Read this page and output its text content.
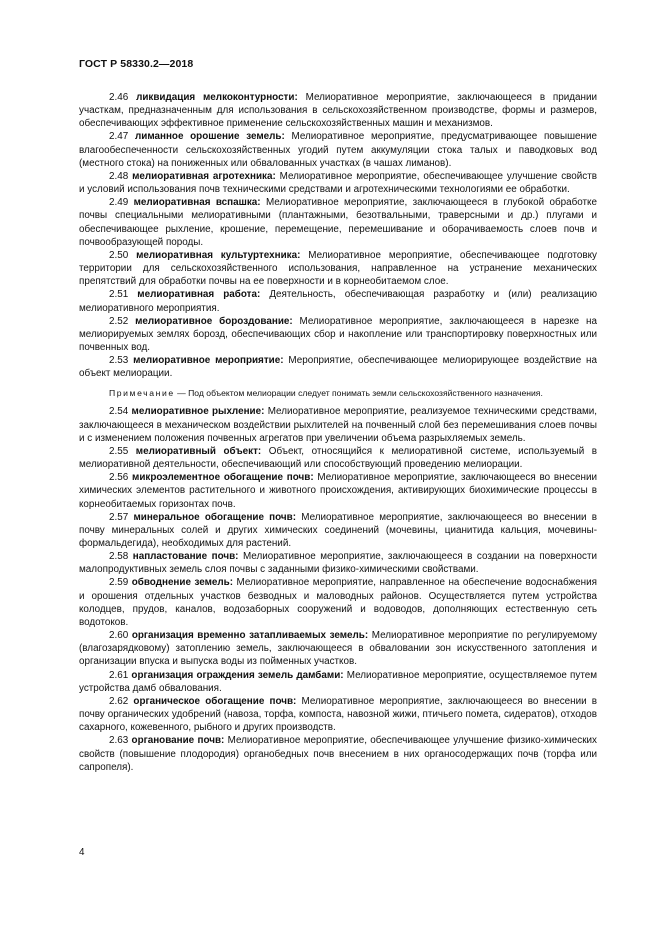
ГОСТ Р 58330.2—2018

2.46 ликвидация мелкоконтурности: Мелиоративное мероприятие, заключающееся в придании участкам, предназначенным для использования в сельскохозяйственном производстве, формы и размеров, обеспечивающих эффективное применение сельскохозяйственных машин и механизмов.

2.47 лиманное орошение земель: Мелиоративное мероприятие, предусматривающее повышение влагообеспеченности сельскохозяйственных угодий путем аккумуляции стока талых и паводковых вод (местного стока) на пониженных или обвалованных участках (в чашах лиманов).

2.48 мелиоративная агротехника: Мелиоративное мероприятие, обеспечивающее улучшение свойств и условий использования почв техническими средствами и агротехническими технологиями ее обработки.

2.49 мелиоративная вспашка: Мелиоративное мероприятие, заключающееся в глубокой обработке почвы специальными мелиоративными (плантажными, безотвальными, траверсными и др.) плугами и обеспечивающее рыхление, крошение, перемещение, перемешивание и оборачиваемость слоев почв и почвообразующей породы.

2.50 мелиоративная культуртехника: Мелиоративное мероприятие, обеспечивающее подготовку территории для сельскохозяйственного использования, направленное на устранение механических препятствий для обработки почвы на ее поверхности и в корнеобитаемом слое.

2.51 мелиоративная работа: Деятельность, обеспечивающая разработку и (или) реализацию мелиоративного мероприятия.

2.52 мелиоративное бороздование: Мелиоративное мероприятие, заключающееся в нарезке на мелиорируемых землях борозд, обеспечивающих сбор и накопление или транспортировку поверхностных или почвенных вод.

2.53 мелиоративное мероприятие: Мероприятие, обеспечивающее мелиорирующее воздействие на объект мелиорации.

Примечание — Под объектом мелиорации следует понимать земли сельскохозяйственного назначения.

2.54 мелиоративное рыхление: Мелиоративное мероприятие, реализуемое техническими средствами, заключающееся в механическом воздействии рыхлителей на почвенный слой без перемешивания слоев почвы и с изменением положения почвенных агрегатов при увеличении объема разрыхляемых земель.

2.55 мелиоративный объект: Объект, относящийся к мелиоративной системе, используемый в мелиоративной деятельности, обеспечивающий или способствующий проведению мелиорации.

2.56 микроэлементное обогащение почв: Мелиоративное мероприятие, заключающееся во внесении химических элементов растительного и животного происхождения, активирующих биохимические процессы в корнеобитаемых горизонтах почв.

2.57 минеральное обогащение почв: Мелиоративное мероприятие, заключающееся во внесении в почву минеральных солей и других химических соединений (мочевины, цианитида кальция, мочевины-формальдегида), необходимых для растений.

2.58 напластование почв: Мелиоративное мероприятие, заключающееся в создании на поверхности малопродуктивных земель слоя почвы с заданными физико-химическими свойствами.

2.59 обводнение земель: Мелиоративное мероприятие, направленное на обеспечение водоснабжения и орошения отдельных участков безводных и маловодных районов. Осуществляется путем устройства колодцев, прудов, каналов, водозаборных сооружений и водоводов, дополняющих естественную сеть водотоков.

2.60 организация временно затапливаемых земель: Мелиоративное мероприятие по регулируемому (влагозарядковому) затоплению земель, заключающееся в обваловании зон искусственного затопления и организации впуска и выпуска воды из пойменных участков.

2.61 организация ограждения земель дамбами: Мелиоративное мероприятие, осуществляемое путем устройства дамб обвалования.

2.62 органическое обогащение почв: Мелиоративное мероприятие, заключающееся во внесении в почву органических удобрений (навоза, торфа, компоста, навозной жижи, птичьего помета, сидератов), отходов сахарного, кожевенного, рыбного и других производств.

2.63 органование почв: Мелиоративное мероприятие, обеспечивающее улучшение физико-химических свойств (повышение плодородия) органобедных почв внесением в них органосодержащих почв (торфа или сапропеля).

4
